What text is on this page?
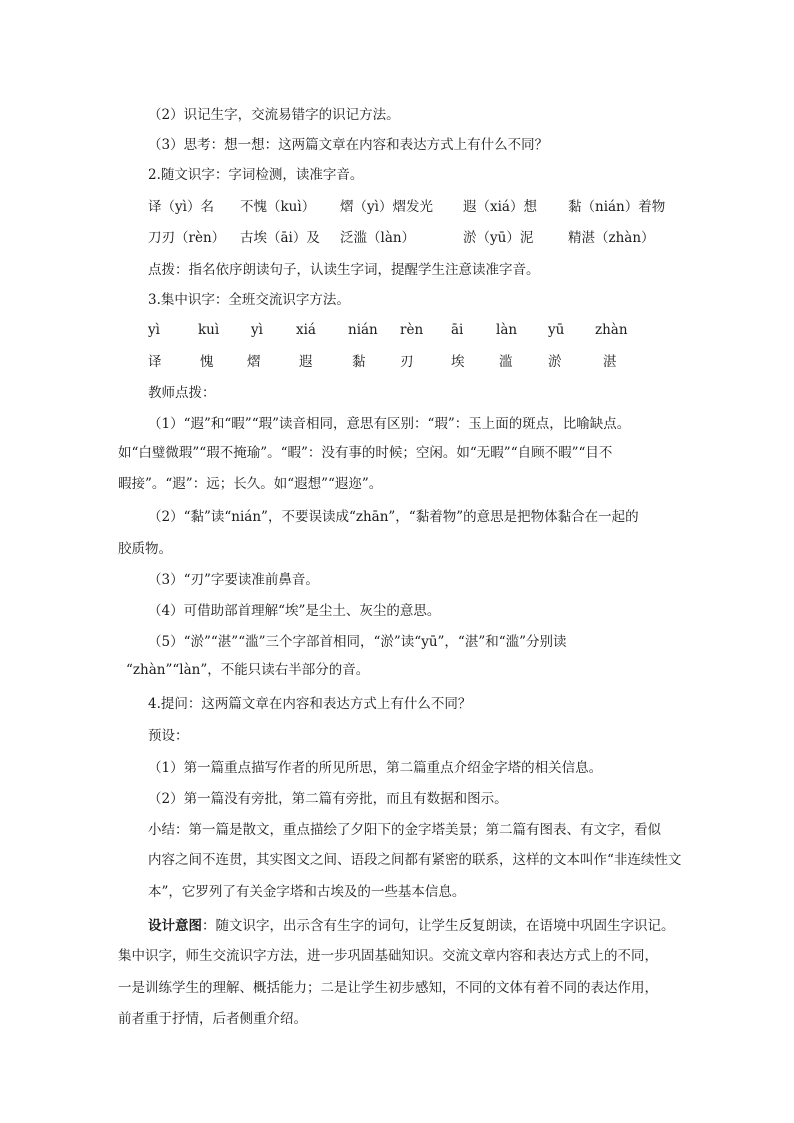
（2）识记生字，交流易错字的识记方法。
（3）思考：想一想：这两篇文章在内容和表达方式上有什么不同？
2.随文识字：字词检测，读准字音。
译（yì）名 不愧（kuì） 熠（yì）熠发光 遐（xiá）想 黏（nián）着物
刀刃（rèn） 古埃（āi）及 泛滥（làn）	淤（yū）泥	精湛（zhàn）
点拨：指名依序朗读句子，认读生字词，提醒学生注意读准字音。
3.集中识字：全班交流识字方法。
yì	kuì yì xiá nián rèn āi làn yū zhàn
译	愧 熠	遐	黏	刃	埃	滥	淤	湛
教师点拨：
（1）“遐”和“暇”“瑕”读音相同，意思有区别：“瑕”：玉上面的斑点，比喻缺点。
如“白璧微瑕”“瑕不掩瑜”。“暇”：没有事的时候；空闲。如“无暇”“自顾不暇”“目不
暇接”。“遐”：远；长久。如“遐想”“遐迩”。
（2）“黏”读“nián”，不要误读成“zhān”，“黏着物”的意思是把物体黏合在一起的
胶质物。
（3）“刃”字要读准前鼻音。
（4）可借助部首理解“埃”是尘土、灰尘的意思。
（5）“淤”“湛”“滥”三个字部首相同，“淤”读“yū”，“湛”和“滥”分别读
“zhàn”“làn”，不能只读右半部分的音。
4.提问：这两篇文章在内容和表达方式上有什么不同？
预设：
（1）第一篇重点描写作者的所见所思，第二篇重点介绍金字塔的相关信息。
（2）第一篇没有旁批，第二篇有旁批，而且有数据和图示。
小结：第一篇是散文，重点描绘了夕阳下的金字塔美景；第二篇有图表、有文字，看似
内容之间不连贯，其实图文之间、语段之间都有紧密的联系，这样的文本叫作“非连续性文
本”，它罗列了有关金字塔和古埃及的一些基本信息。
设计意图：随文识字，出示含有生字的词句，让学生反复朗读，在语境中巩固生字识记。
集中识字，师生交流识字方法，进一步巩固基础知识。交流文章内容和表达方式上的不同，
一是训练学生的理解、概括能力；二是让学生初步感知，不同的文体有着不同的表达作用，
前者重于抒情，后者侧重介绍。
